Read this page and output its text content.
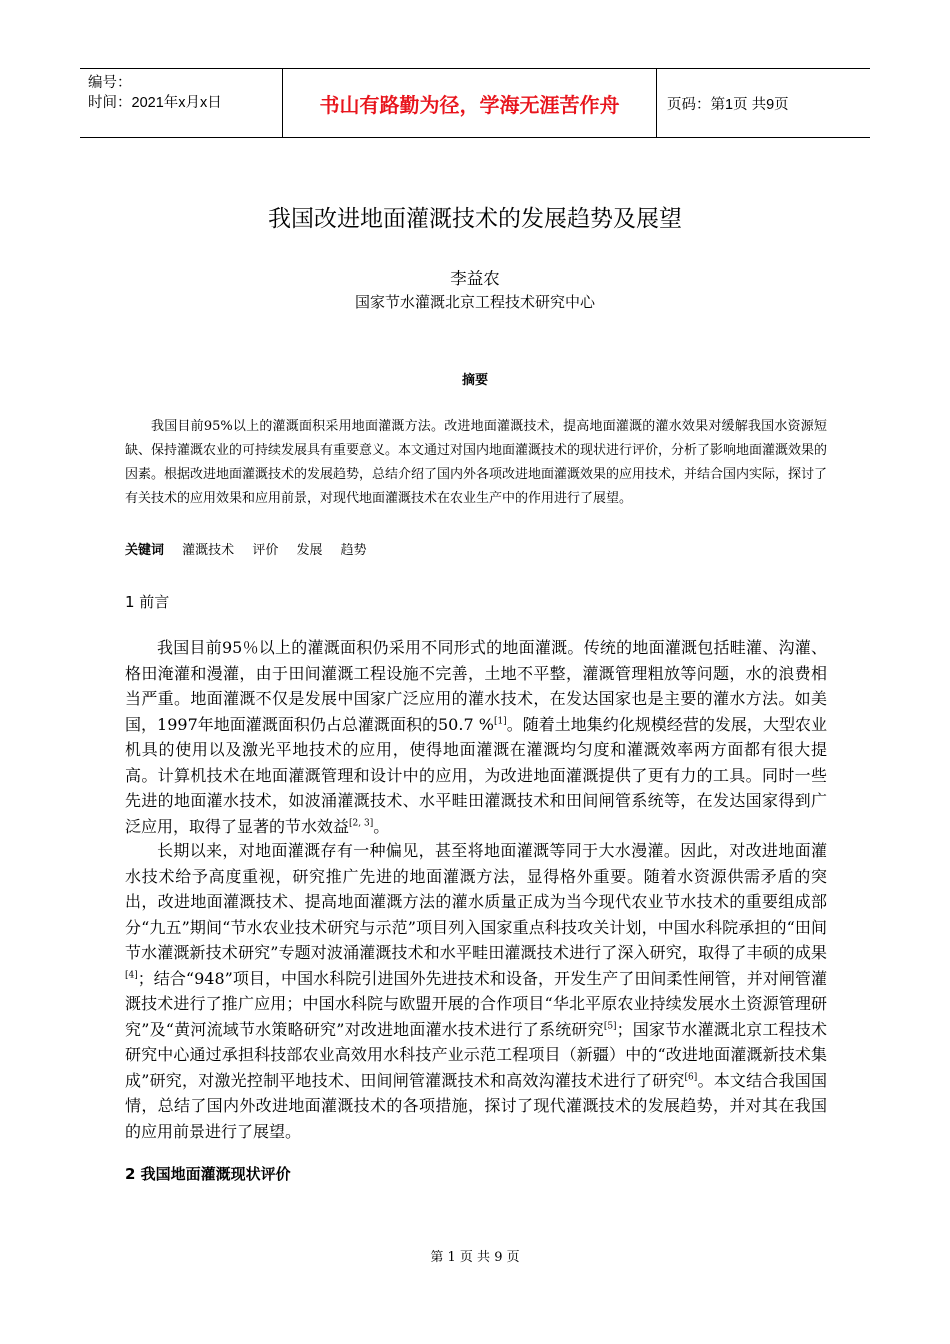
编号：
时间：2021年x月x日	书山有路勤为径，学海无涯苦作舟	页码：第1页 共9页
我国改进地面灌溉技术的发展趋势及展望
李益农
国家节水灌溉北京工程技术研究中心
摘要

我国目前95%以上的灌溉面积采用地面灌溉方法。改进地面灌溉技术，提高地面灌溉的灌水效果对缓解我国水资源短缺、保持灌溉农业的可持续发展具有重要意义。本文通过对国内地面灌溉技术的现状进行评价，分析了影响地面灌溉效果的因素。根据改进地面灌溉技术的发展趋势，总结介绍了国内外各项改进地面灌溉效果的应用技术，并结合国内实际，探讨了有关技术的应用效果和应用前景，对现代地面灌溉技术在农业生产中的作用进行了展望。

关键词 灌溉技术 评价 发展 趋势
1 前言

我国目前95％以上的灌溉面积仍采用不同形式的地面灌溉。传统的地面灌溉包括畦灌、沟灌、格田淹灌和漫灌，由于田间灌溉工程设施不完善，土地不平整，灌溉管理粗放等问题，水的浪费相当严重。地面灌溉不仅是发展中国家广泛应用的灌水技术，在发达国家也是主要的灌水方法。如美国，1997年地面灌溉面积仍占总灌溉面积的50.7 %[1]。随着土地集约化规模经营的发展，大型农业机具的使用以及激光平地技术的应用，使得地面灌溉在灌溉均匀度和灌溉效率两方面都有很大提高。计算机技术在地面灌溉管理和设计中的应用，为改进地面灌溉提供了更有力的工具。同时一些先进的地面灌水技术，如波涌灌溉技术、水平畦田灌溉技术和田间闸管系统等，在发达国家得到广泛应用，取得了显著的节水效益[2, 3]。

长期以来，对地面灌溉存有一种偏见，甚至将地面灌溉等同于大水漫灌。因此，对改进地面灌水技术给予高度重视，研究推广先进的地面灌溉方法，显得格外重要。随着水资源供需矛盾的突出，改进地面灌溉技术、提高地面灌溉方法的灌水质量正成为当今现代农业节水技术的重要组成部分“九五”期间“节水农业技术研究与示范”项目列入国家重点科技攻关计划，中国水科院承担的“田间节水灌溉新技术研究”专题对波涌灌溉技术和水平畦田灌溉技术进行了深入研究，取得了丰硕的成果[4]；结合“948”项目，中国水科院引进国外先进技术和设备，开发生产了田间柔性闸管，并对闸管灌溉技术进行了推广应用；中国水科院与欧盟开展的合作项目“华北平原农业持续发展水土资源管理研究”及“黄河流域节水策略研究”对改进地面灌水技术进行了系统研究[5]；国家节水灌溉北京工程技术研究中心通过承担科技部农业高效用水科技产业示范工程项目（新疆）中的“改进地面灌溉新技术集成”研究，对激光控制平地技术、田间闸管灌溉技术和高效沟灌技术进行了研究[6]。本文结合我国国情，总结了国内外改进地面灌溉技术的各项措施，探讨了现代灌溉技术的发展趋势，并对其在我国的应用前景进行了展望。

2 我国地面灌溉现状评价
第 1 页 共 9 页
